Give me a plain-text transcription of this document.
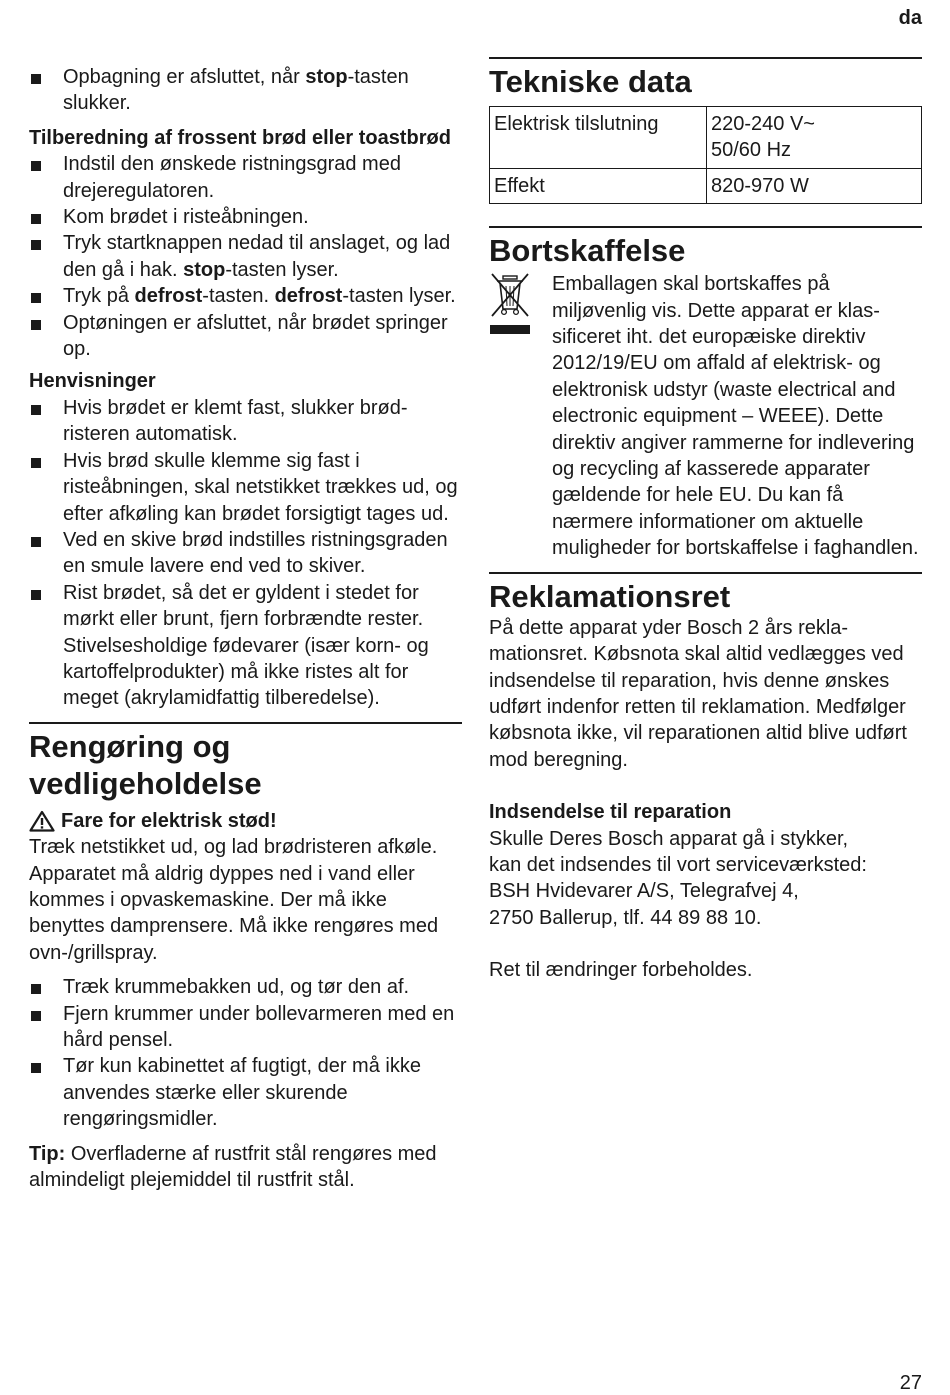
da
Opbagning er afsluttet, når stop-tasten slukker.
Tilberedning af frossent brød eller toastbrød
Indstil den ønskede ristningsgrad med drejeregulatoren.
Kom brødet i risteåbningen.
Tryk startknappen nedad til anslaget, og lad den gå i hak. stop-tasten lyser.
Tryk på defrost-tasten. defrost-tasten lyser.
Optøningen er afsluttet, når brødet springer op.
Henvisninger
Hvis brødet er klemt fast, slukker brødristeren automatisk.
Hvis brød skulle klemme sig fast i risteåbningen, skal netstikket trækkes ud, og efter afkøling kan brødet forsigtigt tages ud.
Ved en skive brød indstilles ristningsgraden en smule lavere end ved to skiver.
Rist brødet, så det er gyldent i stedet for mørkt eller brunt, fjern forbrændte rester. Stivelsesholdige fødevarer (især korn- og kartoffelprodukter) må ikke ristes alt for meget (akrylamidfattig tilberedelse).
Rengøring og vedligeholdelse
Fare for elektrisk stød!
Træk netstikket ud, og lad brødristeren afkøle. Apparatet må aldrig dyppes ned i vand eller kommes i opvaskemaskine. Der må ikke benyttes damprensere. Må ikke rengøres med ovn-/grillspray.
Træk krummebakken ud, og tør den af.
Fjern krummer under bollevarmeren med en hård pensel.
Tør kun kabinettet af fugtigt, der må ikke anvendes stærke eller skurende rengøringsmidler.
Tip: Overfladerne af rustfrit stål rengøres med almindeligt plejemiddel til rustfrit stål.
Tekniske data
Elektrisk tilslutning	220-240 V~
50/60 Hz
Effekt	820-970 W
Bortskaffelse
Emballagen skal bortskaffes på miljøvenlig vis. Dette apparat er klassificeret iht. det europæiske direktiv 2012/19/EU om affald af elektrisk- og elektronisk udstyr (waste electrical and electronic equipment – WEEE). Dette direktiv angiver rammerne for indlevering og recycling af kasserede apparater gældende for hele EU. Du kan få nærmere informationer om aktuelle muligheder for bortskaffelse i faghandlen.
Reklamationsret
På dette apparat yder Bosch 2 års reklamationsret. Købsnota skal altid vedlægges ved indsendelse til reparation, hvis denne ønskes udført indenfor retten til reklamation. Medfølger købsnota ikke, vil reparationen altid blive udført mod beregning.
Indsendelse til reparation
Skulle Deres Bosch apparat gå i stykker,
kan det indsendes til vort serviceværksted:
BSH Hvidevarer A/S, Telegrafvej 4,
2750 Ballerup, tlf. 44 89 88 10.
Ret til ændringer forbeholdes.
27
